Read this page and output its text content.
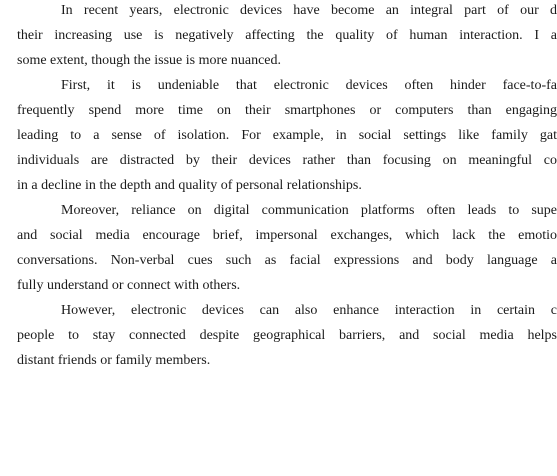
In recent years, electronic devices have become an integral part of our d
their increasing use is negatively affecting the quality of human interaction. I a
some extent, though the issue is more nuanced.
First, it is undeniable that electronic devices often hinder face-to-fa
frequently spend more time on their smartphones or computers than engaging
leading to a sense of isolation. For example, in social settings like family gat
individuals are distracted by their devices rather than focusing on meaningful co
in a decline in the depth and quality of personal relationships.
Moreover, reliance on digital communication platforms often leads to supe
and social media encourage brief, impersonal exchanges, which lack the emotio
conversations. Non-verbal cues such as facial expressions and body language a
fully understand or connect with others.
However, electronic devices can also enhance interaction in certain c
people to stay connected despite geographical barriers, and social media helps
distant friends or family members.
